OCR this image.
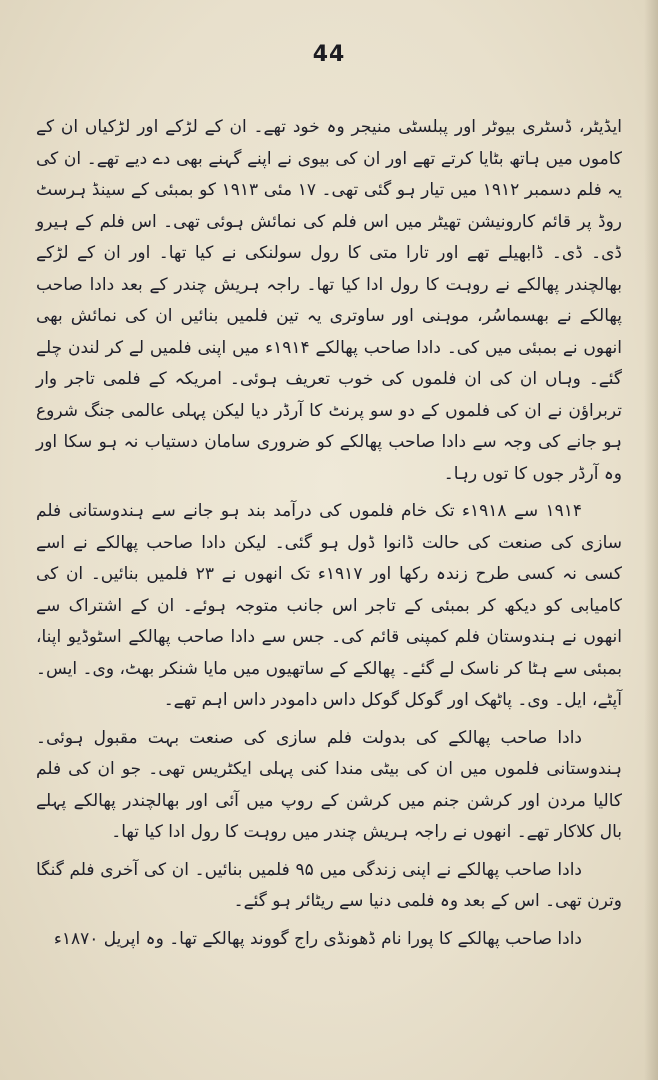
44

ایڈیٹر، ڈسٹری بیوٹر اور پبلسٹی منیجر وہ خود تھے۔ ان کے لڑکے اور لڑکیاں ان کے کاموں میں ہاتھ بٹایا کرتے تھے اور ان کی بیوی نے اپنے گہنے بھی دے دیے تھے۔ ان کی یہ فلم دسمبر ۱۹۱۲ میں تیار ہو گئی تھی۔ ۱۷ مئی ۱۹۱۳ کو بمبئی کے سینڈ ہرسٹ روڈ پر قائم کارونیشن تھیٹر میں اس فلم کی نمائش ہوئی تھی۔ اس فلم کے ہیرو ڈی۔ ڈی۔ ڈابھیلے تھے اور تارا متی کا رول سولنکی نے کیا تھا۔ اور ان کے لڑکے بھالچندر پھالکے نے روہت کا رول ادا کیا تھا۔ راجہ ہریش چندر کے بعد دادا صاحب پھالکے نے بھسماسُر، موہنی اور ساوتری یہ تین فلمیں بنائیں ان کی نمائش بھی انھوں نے بمبئی میں کی۔ دادا صاحب پھالکے ۱۹۱۴ء میں اپنی فلمیں لے کر لندن چلے گئے۔ وہاں ان کی ان فلموں کی خوب تعریف ہوئی۔ امریکہ کے فلمی تاجر وار تربراؤن نے ان کی فلموں کے دو سو پرنٹ کا آرڈر دیا لیکن پہلی عالمی جنگ شروع ہو جانے کی وجہ سے دادا صاحب پھالکے کو ضروری سامان دستیاب نہ ہو سکا اور وہ آرڈر جوں کا توں رہا۔

۱۹۱۴ سے ۱۹۱۸ء تک خام فلموں کی درآمد بند ہو جانے سے ہندوستانی فلم سازی کی صنعت کی حالت ڈانوا ڈول ہو گئی۔ لیکن دادا صاحب پھالکے نے اسے کسی نہ کسی طرح زندہ رکھا اور ۱۹۱۷ء تک انھوں نے ۲۳ فلمیں بنائیں۔ ان کی کامیابی کو دیکھ کر بمبئی کے تاجر اس جانب متوجہ ہوئے۔ ان کے اشتراک سے انھوں نے ہندوستان فلم کمپنی قائم کی۔ جس سے دادا صاحب پھالکے اسٹوڈیو اپنا، بمبئی سے ہٹا کر ناسک لے گئے۔ پھالکے کے ساتھیوں میں مایا شنکر بھٹ، وی۔ ایس۔ آپٹے، ایل۔ وی۔ پاٹھک اور گوکل گوکل داس دامودر داس اہم تھے۔

دادا صاحب پھالکے کی بدولت فلم سازی کی صنعت بہت مقبول ہوئی۔ ہندوستانی فلموں میں ان کی بیٹی مندا کنی پہلی ایکٹریس تھی۔ جو ان کی فلم کالیا مردن اور کرشن جنم میں کرشن کے روپ میں آئی اور بھالچندر پھالکے پہلے بال کلاکار تھے۔ انھوں نے راجہ ہریش چندر میں روہت کا رول ادا کیا تھا۔

دادا صاحب پھالکے نے اپنی زندگی میں ۹۵ فلمیں بنائیں۔ ان کی آخری فلم گنگا وترن تھی۔ اس کے بعد وہ فلمی دنیا سے ریٹائر ہو گئے۔

دادا صاحب پھالکے کا پورا نام ڈھونڈی راج گووند پھالکے تھا۔ وہ اپریل ۱۸۷۰ء
